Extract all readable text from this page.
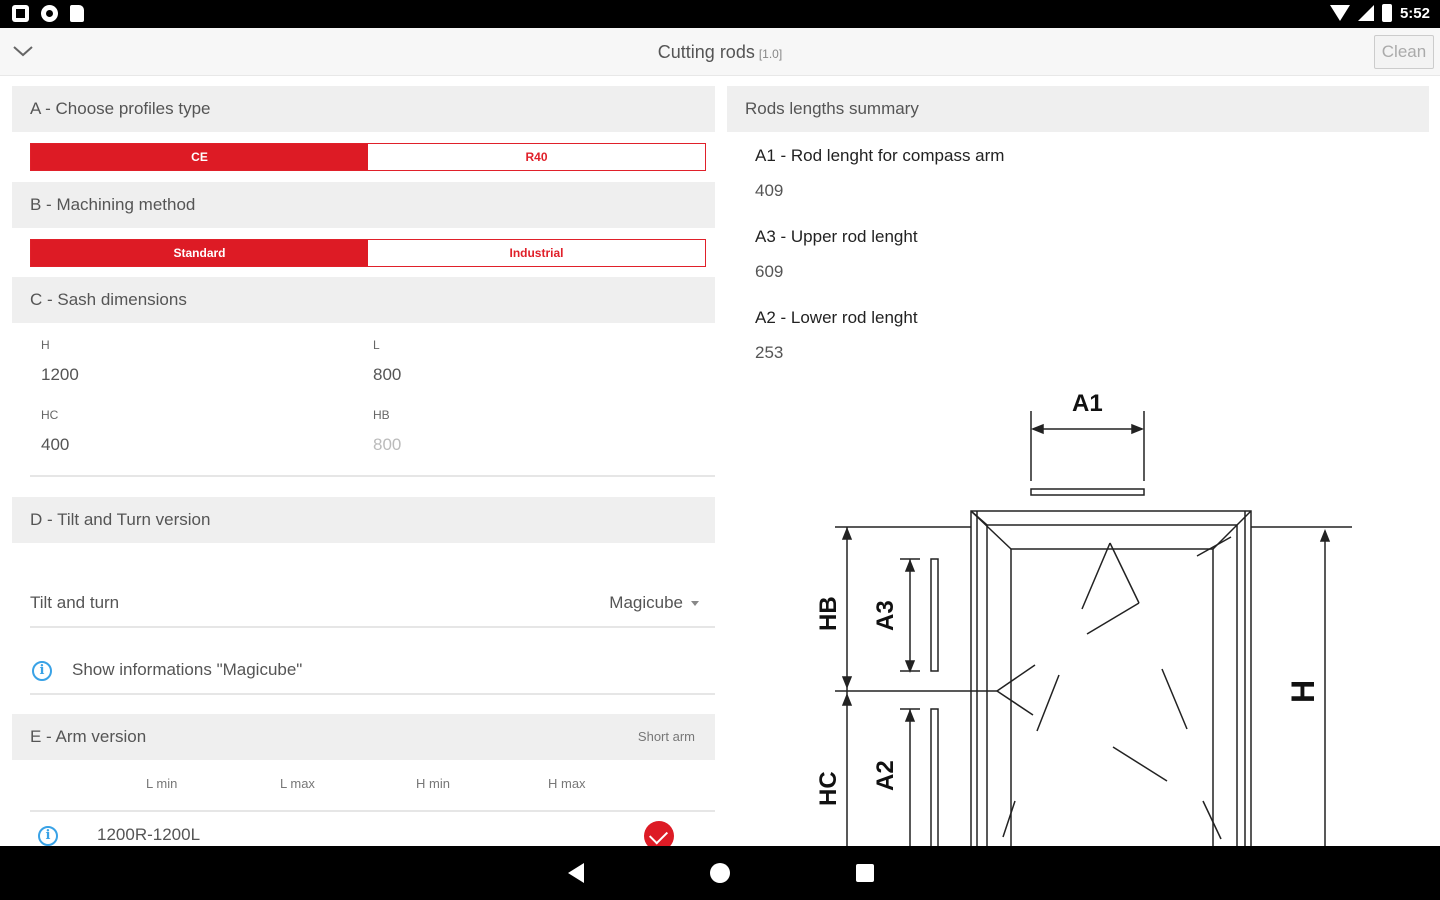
5:52
Cutting rods [1.0]	Clean
A - Choose profiles type
CE	R40
B - Machining method
Standard	Industrial
C - Sash dimensions
H
1200
L
800
HC
400
HB
800
D - Tilt and Turn version
Tilt and turn	Magicube
i	Show informations "Magicube"
E - Arm version	Short arm
L min	L max	H min	H max
i	1200R-1200L
Rods lengths summary
A1 - Rod lenght for compass arm
409
A3 - Upper rod lenght
609
A2 - Lower rod lenght
253
A1
A3
A2
HB
HC
H
